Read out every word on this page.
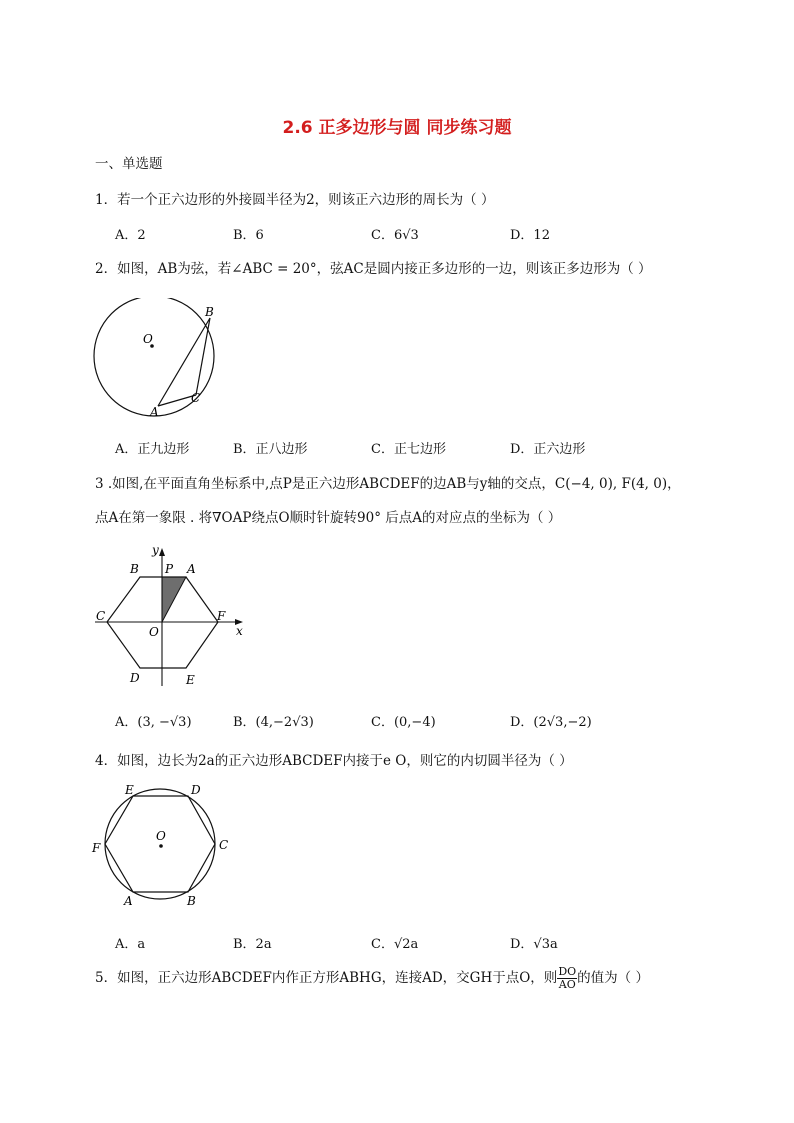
2.6 正多边形与圆 同步练习题
一、单选题
1．若一个正六边形的外接圆半径为2，则该正六边形的周长为（ ）
A．2	B．6	C．6√3	D．12
2．如图，AB为弦，若∠ABC = 20°，弦AC是圆内接正多边形的一边，则该正多边形为（ ）
O
B
C
A
A．正九边形	B．正八边形	C．正七边形	D．正六边形
3 .如图,在平面直角坐标系中,点P是正六边形ABCDEF的边AB与y轴的交点，C(−4, 0), F(4, 0)，
点A在第一象限 . 将∇OAP绕点O顺时针旋转90° 后点A的对应点的坐标为（ ）
y
x
O
P A
B
C	F
D	E
A．(3, −√3)	B．(4,−2√3)	C．(0,−4)	D．(2√3,−2)
4．如图，边长为2a的正六边形ABCDEF内接于e O，则它的内切圆半径为（ ）
O
E	D
F	C
A	B
A．a	B．2a	C．√2a	D．√3a
5．如图，正六边形ABCDEF内作正方形ABHG，连接AD，交GH于点O，则 $\frac{DO}{AO}$ 的值为（ ）
